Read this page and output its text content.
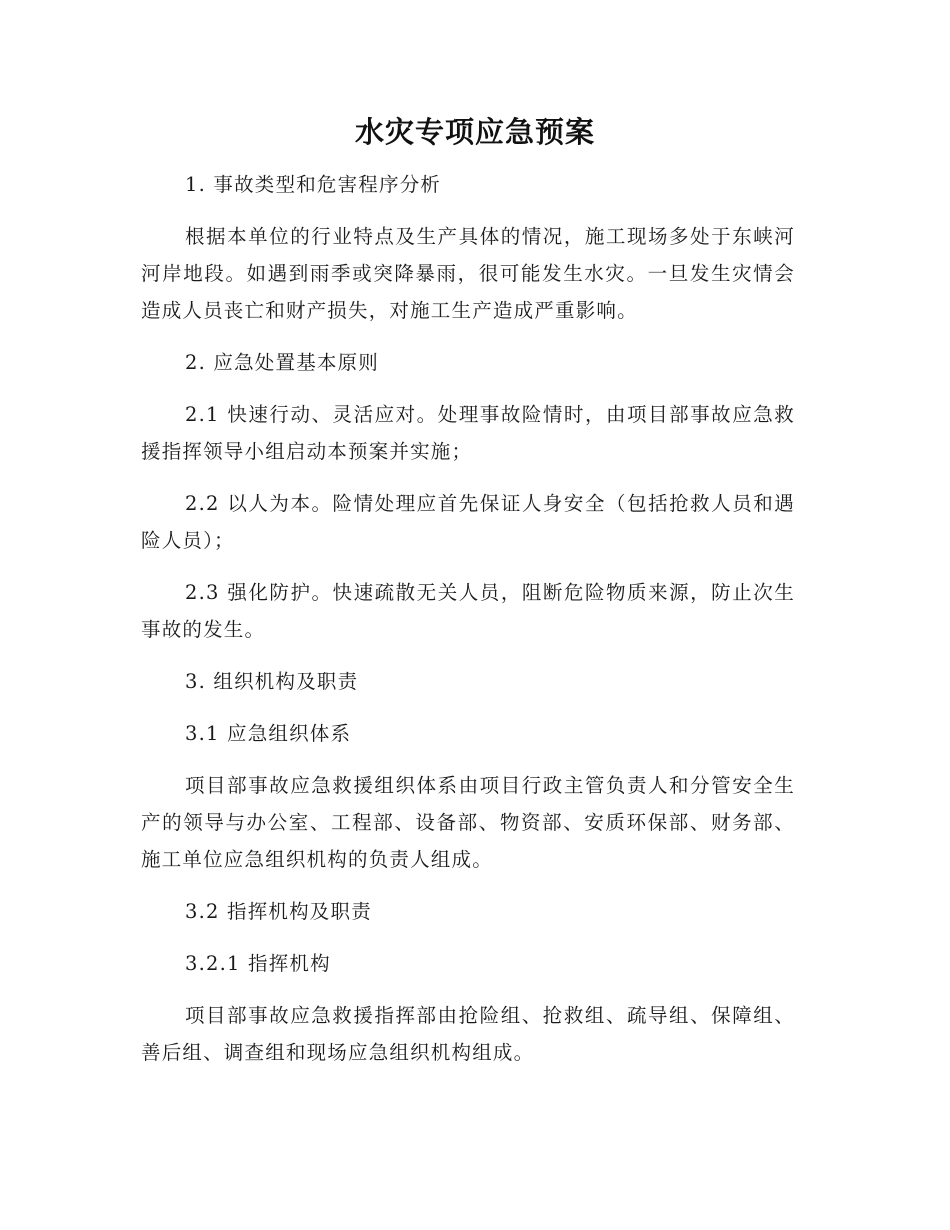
水灾专项应急预案

1. 事故类型和危害程序分析

根据本单位的行业特点及生产具体的情况，施工现场多处于东峡河河岸地段。如遇到雨季或突降暴雨，很可能发生水灾。一旦发生灾情会造成人员丧亡和财产损失，对施工生产造成严重影响。

2. 应急处置基本原则

2.1 快速行动、灵活应对。处理事故险情时，由项目部事故应急救援指挥领导小组启动本预案并实施；

2.2 以人为本。险情处理应首先保证人身安全（包括抢救人员和遇险人员）；

2.3 强化防护。快速疏散无关人员，阻断危险物质来源，防止次生事故的发生。

3. 组织机构及职责

3.1 应急组织体系

项目部事故应急救援组织体系由项目行政主管负责人和分管安全生产的领导与办公室、工程部、设备部、物资部、安质环保部、财务部、施工单位应急组织机构的负责人组成。

3.2 指挥机构及职责

3.2.1 指挥机构

项目部事故应急救援指挥部由抢险组、抢救组、疏导组、保障组、善后组、调查组和现场应急组织机构组成。
